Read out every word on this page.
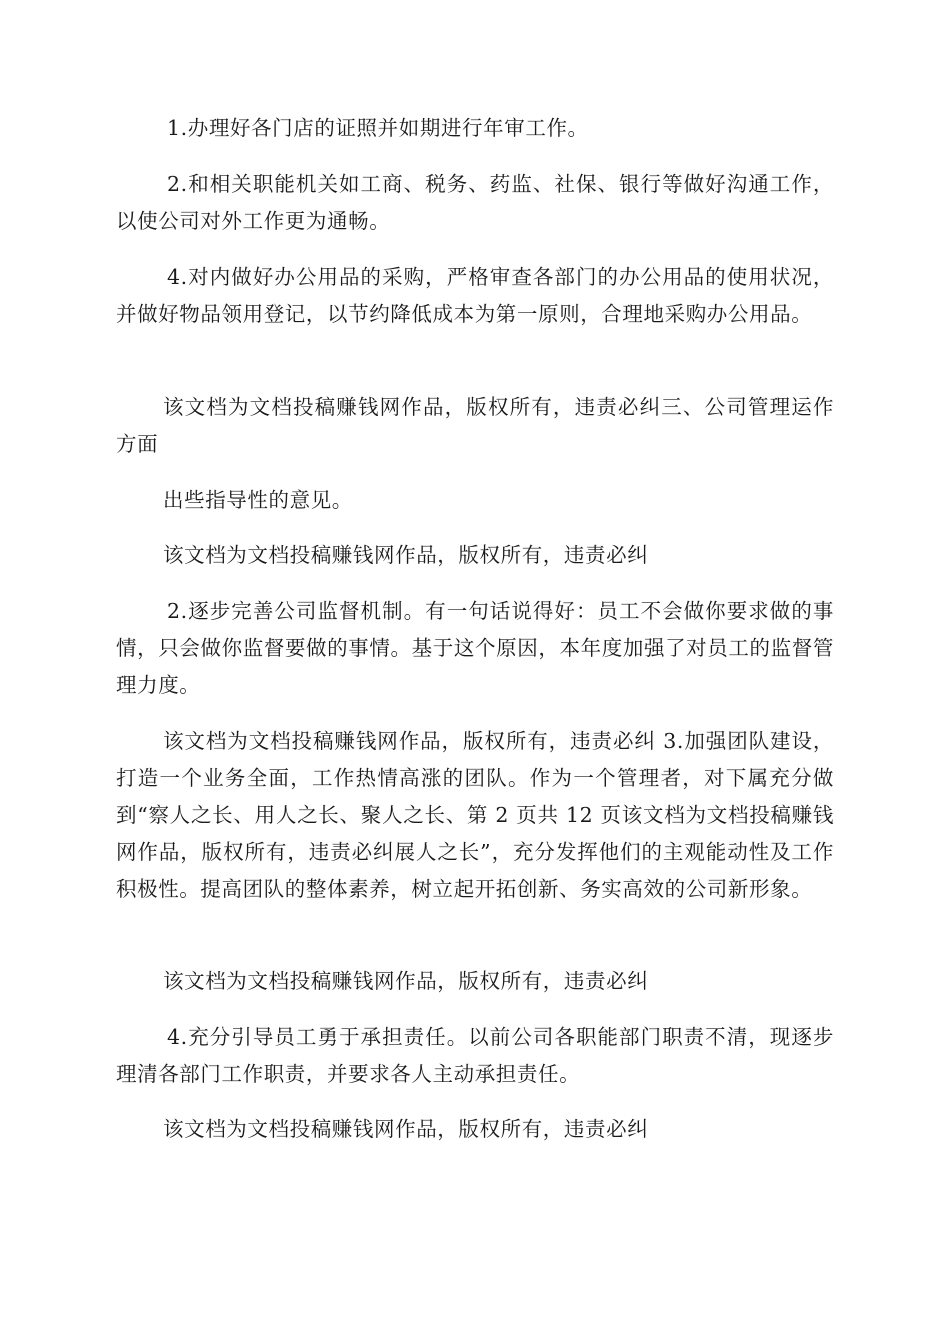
1.办理好各门店的证照并如期进行年审工作。

2.和相关职能机关如工商、税务、药监、社保、银行等做好沟通工作，以使公司对外工作更为通畅。

4.对内做好办公用品的采购，严格审查各部门的办公用品的使用状况，并做好物品领用登记，以节约降低成本为第一原则，合理地采购办公用品。

该文档为文档投稿赚钱网作品，版权所有，违责必纠三、公司管理运作方面

出些指导性的意见。

该文档为文档投稿赚钱网作品，版权所有，违责必纠

2.逐步完善公司监督机制。有一句话说得好：员工不会做你要求做的事情，只会做你监督要做的事情。基于这个原因，本年度加强了对员工的监督管理力度。

该文档为文档投稿赚钱网作品，版权所有，违责必纠 3.加强团队建设，打造一个业务全面，工作热情高涨的团队。作为一个管理者，对下属充分做到“察人之长、用人之长、聚人之长、第 2 页共 12 页该文档为文档投稿赚钱网作品，版权所有，违责必纠展人之长”，充分发挥他们的主观能动性及工作积极性。提高团队的整体素养，树立起开拓创新、务实高效的公司新形象。

该文档为文档投稿赚钱网作品，版权所有，违责必纠

4.充分引导员工勇于承担责任。以前公司各职能部门职责不清，现逐步理清各部门工作职责，并要求各人主动承担责任。

该文档为文档投稿赚钱网作品，版权所有，违责必纠
